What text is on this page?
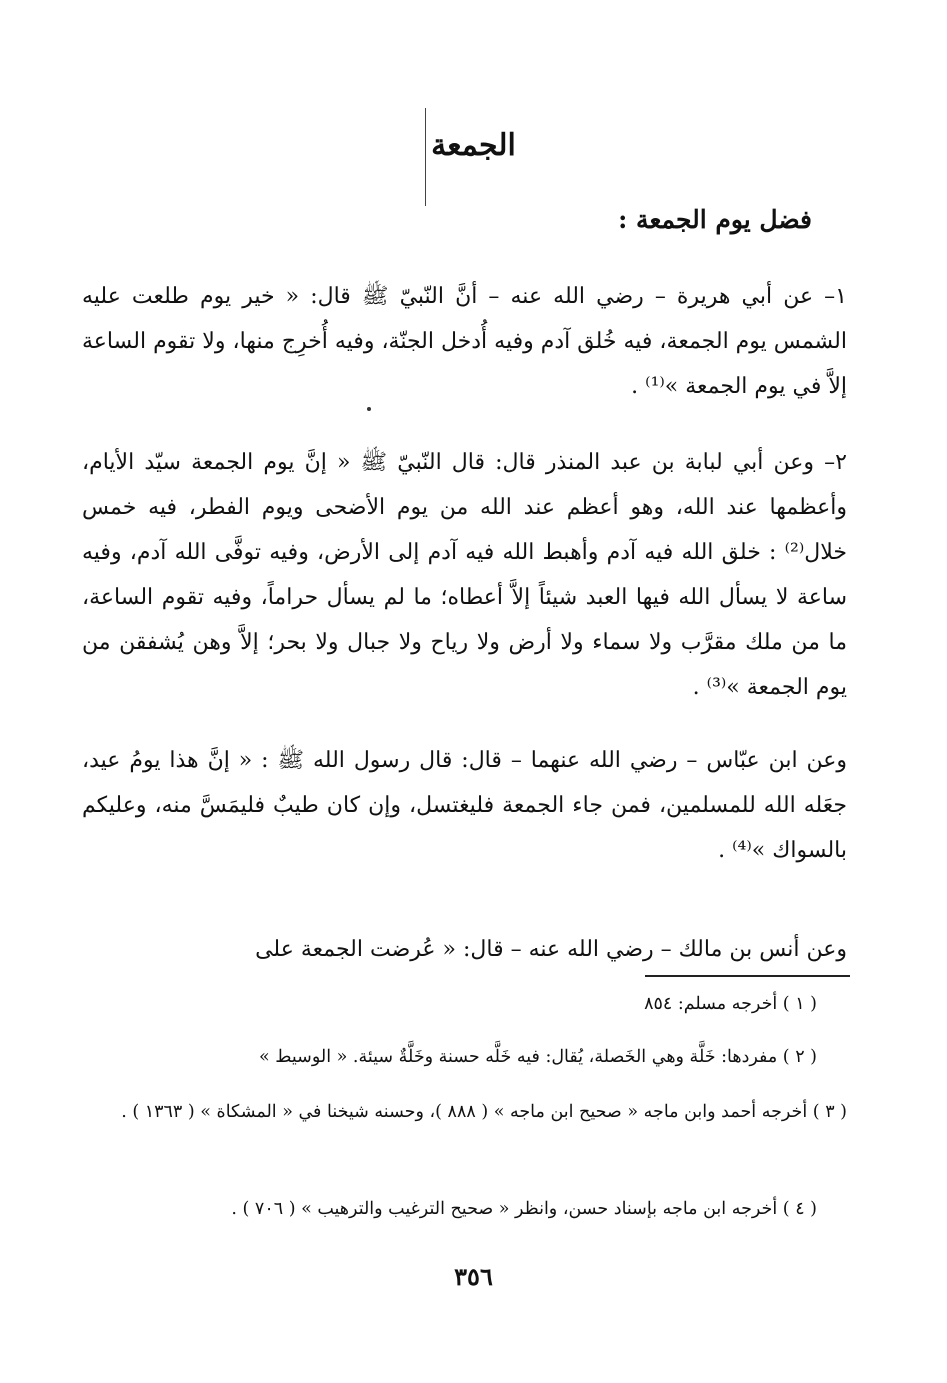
الجمعة
فضل يوم الجمعة :
١– عن أبي هريرة – رضي الله عنه – أنَّ النّبيّ ﷺ قال: « خير يوم طلعت عليه الشمس يوم الجمعة، فيه خُلق آدم وفيه أُدخل الجنّة، وفيه أُخرِج منها، ولا تقوم الساعة إلاَّ في يوم الجمعة »⁽¹⁾ .
٢– وعن أبي لبابة بن عبد المنذر قال: قال النّبيّ ﷺ « إنَّ يوم الجمعة سيّد الأيام، وأعظمها عند الله، وهو أعظم عند الله من يوم الأضحى ويوم الفطر، فيه خمس خلال⁽²⁾ : خلق الله فيه آدم وأهبط الله فيه آدم إلى الأرض، وفيه توفَّى الله آدم، وفيه ساعة لا يسأل الله فيها العبد شيئاً إلاَّ أعطاه؛ ما لم يسأل حراماً، وفيه تقوم الساعة، ما من ملك مقرَّب ولا سماء ولا أرض ولا رياح ولا جبال ولا بحر؛ إلاَّ وهن يُشفقن من يوم الجمعة »⁽³⁾ .
وعن ابن عبّاس – رضي الله عنهما – قال: قال رسول الله ﷺ : « إنَّ هذا يومُ عيد، جعَله الله للمسلمين، فمن جاء الجمعة فليغتسل، وإن كان طيبٌ فليمَسَّ منه، وعليكم بالسواك »⁽⁴⁾ .
وعن أنس بن مالك – رضي الله عنه – قال: « عُرضت الجمعة على
( ١ ) أخرجه مسلم: ٨٥٤
( ٢ ) مفردها: خَلَّة وهي الخَصلة، يُقال: فيه خَلَّه حسنة وخَلَّةٌ سيئة. « الوسيط »
( ٣ ) أخرجه أحمد وابن ماجه « صحيح ابن ماجه » ( ٨٨٨ )، وحسنه شيخنا في « المشكاة » ( ١٣٦٣ ) .
( ٤ ) أخرجه ابن ماجه بإسناد حسن، وانظر « صحيح الترغيب والترهيب » ( ٧٠٦ ) .
٣٥٦
